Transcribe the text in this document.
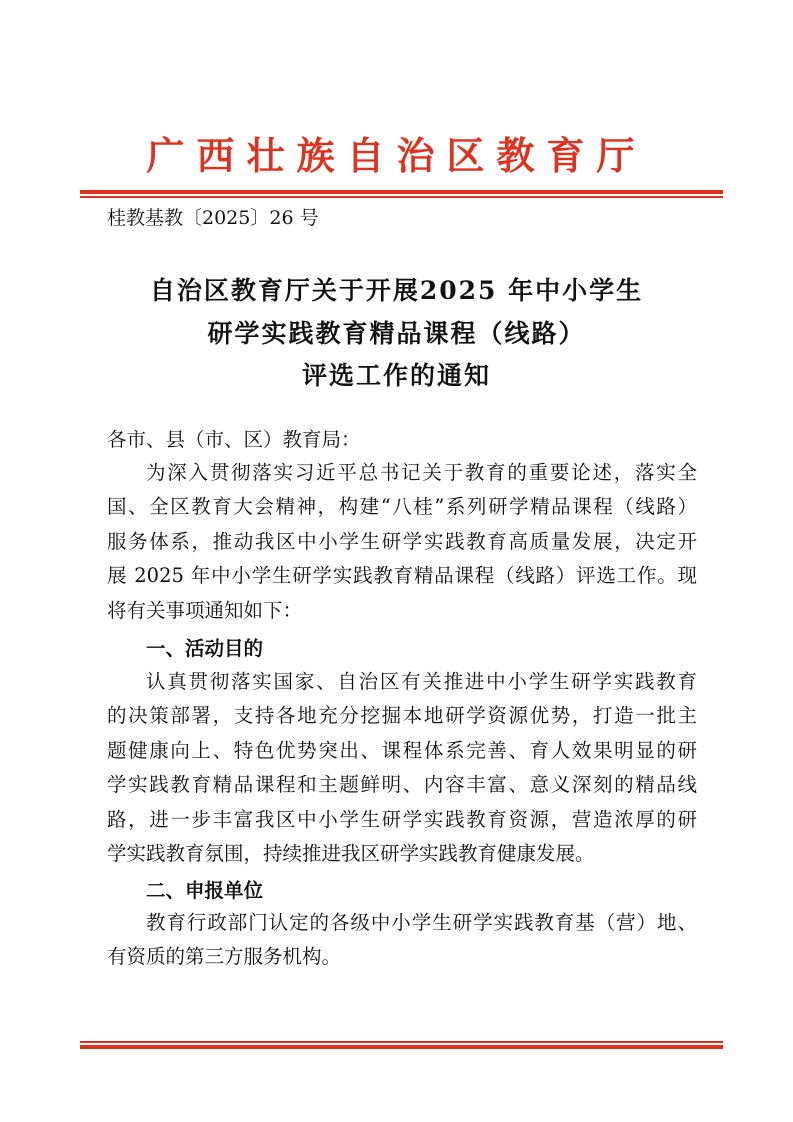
广西壮族自治区教育厅
桂教基教〔2025〕26 号
自治区教育厅关于开展2025 年中小学生
研学实践教育精品课程（线路）
评选工作的通知
各市、县（市、区）教育局：
为深入贯彻落实习近平总书记关于教育的重要论述，落实全
国、全区教育大会精神，构建“八桂”系列研学精品课程（线路）
服务体系，推动我区中小学生研学实践教育高质量发展，决定开
展 2025 年中小学生研学实践教育精品课程（线路）评选工作。现
将有关事项通知如下：
一、活动目的
认真贯彻落实国家、自治区有关推进中小学生研学实践教育
的决策部署，支持各地充分挖掘本地研学资源优势，打造一批主
题健康向上、特色优势突出、课程体系完善、育人效果明显的研
学实践教育精品课程和主题鲜明、内容丰富、意义深刻的精品线
路，进一步丰富我区中小学生研学实践教育资源，营造浓厚的研
学实践教育氛围，持续推进我区研学实践教育健康发展。
二、申报单位
教育行政部门认定的各级中小学生研学实践教育基（营）地、
有资质的第三方服务机构。
